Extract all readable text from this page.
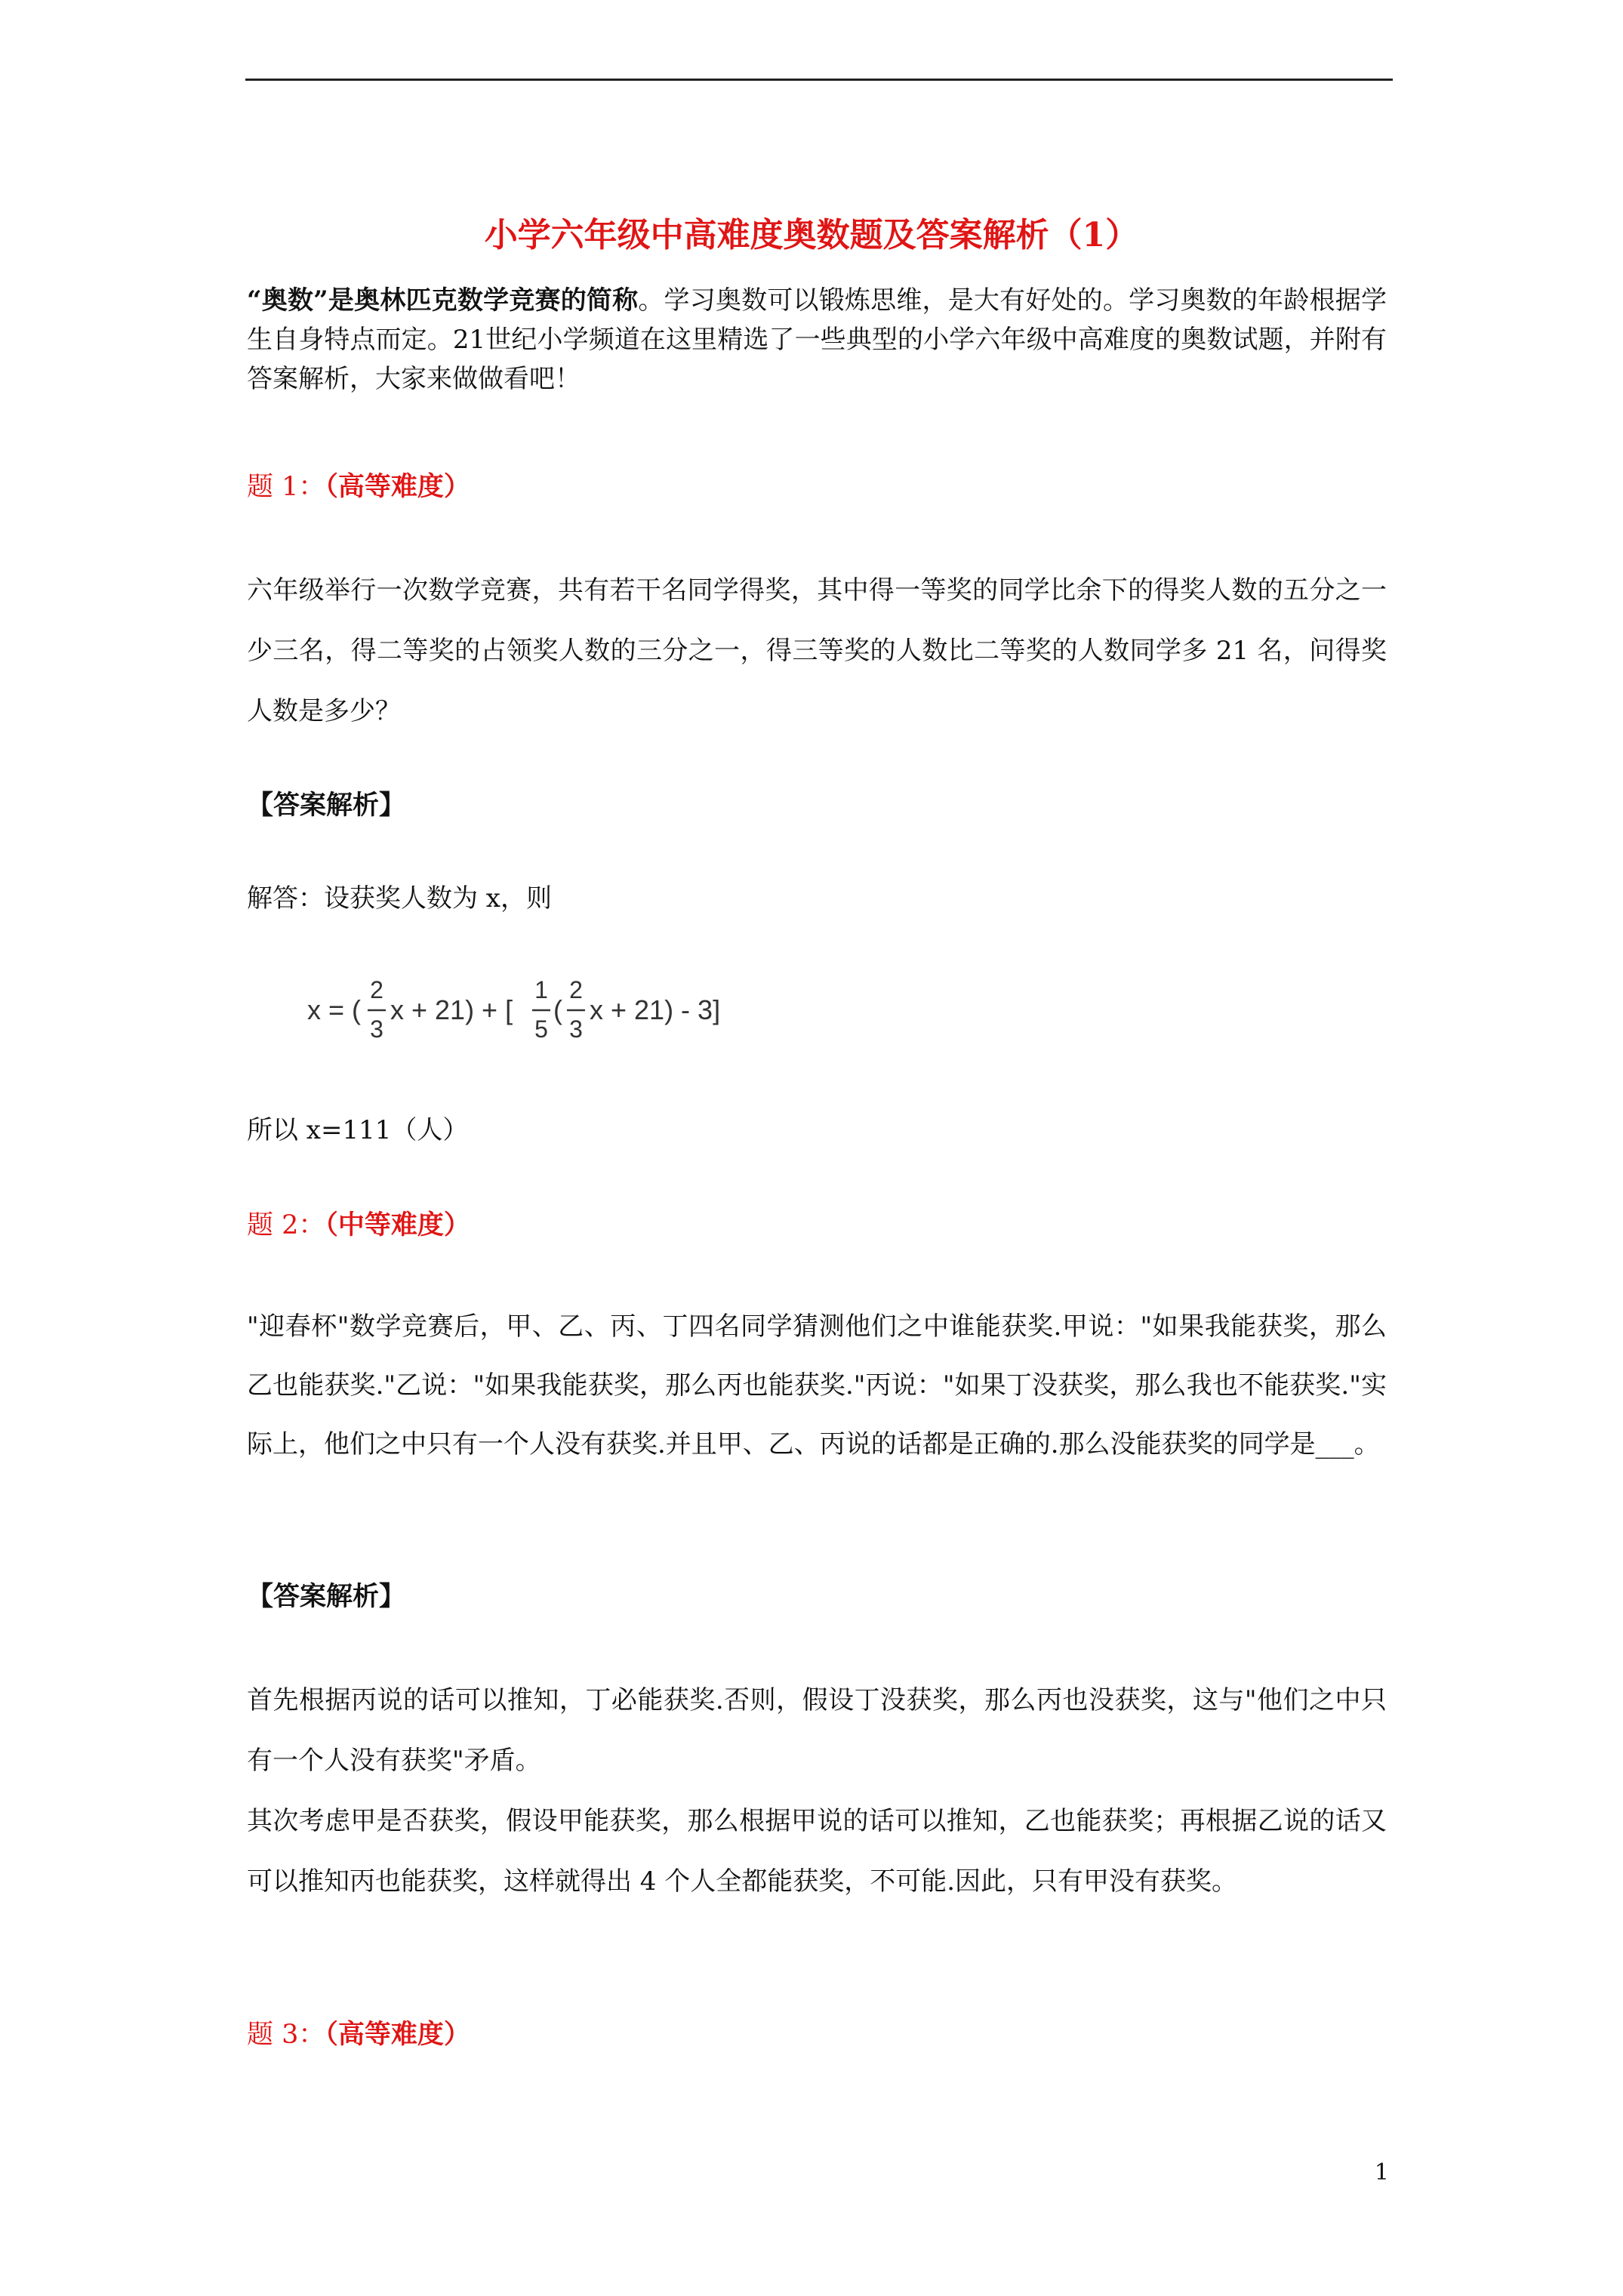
小学六年级中高难度奥数题及答案解析（1）
“奥数”是奥林匹克数学竞赛的简称。学习奥数可以锻炼思维，是大有好处的。学习奥数的年龄根据学生自身特点而定。21世纪小学频道在这里精选了一些典型的小学六年级中高难度的奥数试题，并附有答案解析，大家来做做看吧！
题 1：（高等难度）
六年级举行一次数学竞赛，共有若干名同学得奖，其中得一等奖的同学比余下的得奖人数的五分之一少三名，得二等奖的占领奖人数的三分之一，得三等奖的人数比二等奖的人数同学多 21 名，问得奖人数是多少？
【答案解析】
解答：设获奖人数为 x，则
x = (
2
3
x + 21) + [
1
5
(
2
3
x + 21) - 3]
所以 x=111（人）
题 2：（中等难度）
"迎春杯"数学竞赛后，甲、乙、丙、丁四名同学猜测他们之中谁能获奖.甲说："如果我能获奖，那么乙也能获奖."乙说："如果我能获奖，那么丙也能获奖."丙说："如果丁没获奖，那么我也不能获奖."实际上，他们之中只有一个人没有获奖.并且甲、乙、丙说的话都是正确的.那么没能获奖的同学是___。
【答案解析】
首先根据丙说的话可以推知，丁必能获奖.否则，假设丁没获奖，那么丙也没获奖，这与"他们之中只有一个人没有获奖"矛盾。
其次考虑甲是否获奖，假设甲能获奖，那么根据甲说的话可以推知，乙也能获奖；再根据乙说的话又可以推知丙也能获奖，这样就得出 4 个人全都能获奖，不可能.因此，只有甲没有获奖。
题 3：（高等难度）
1
